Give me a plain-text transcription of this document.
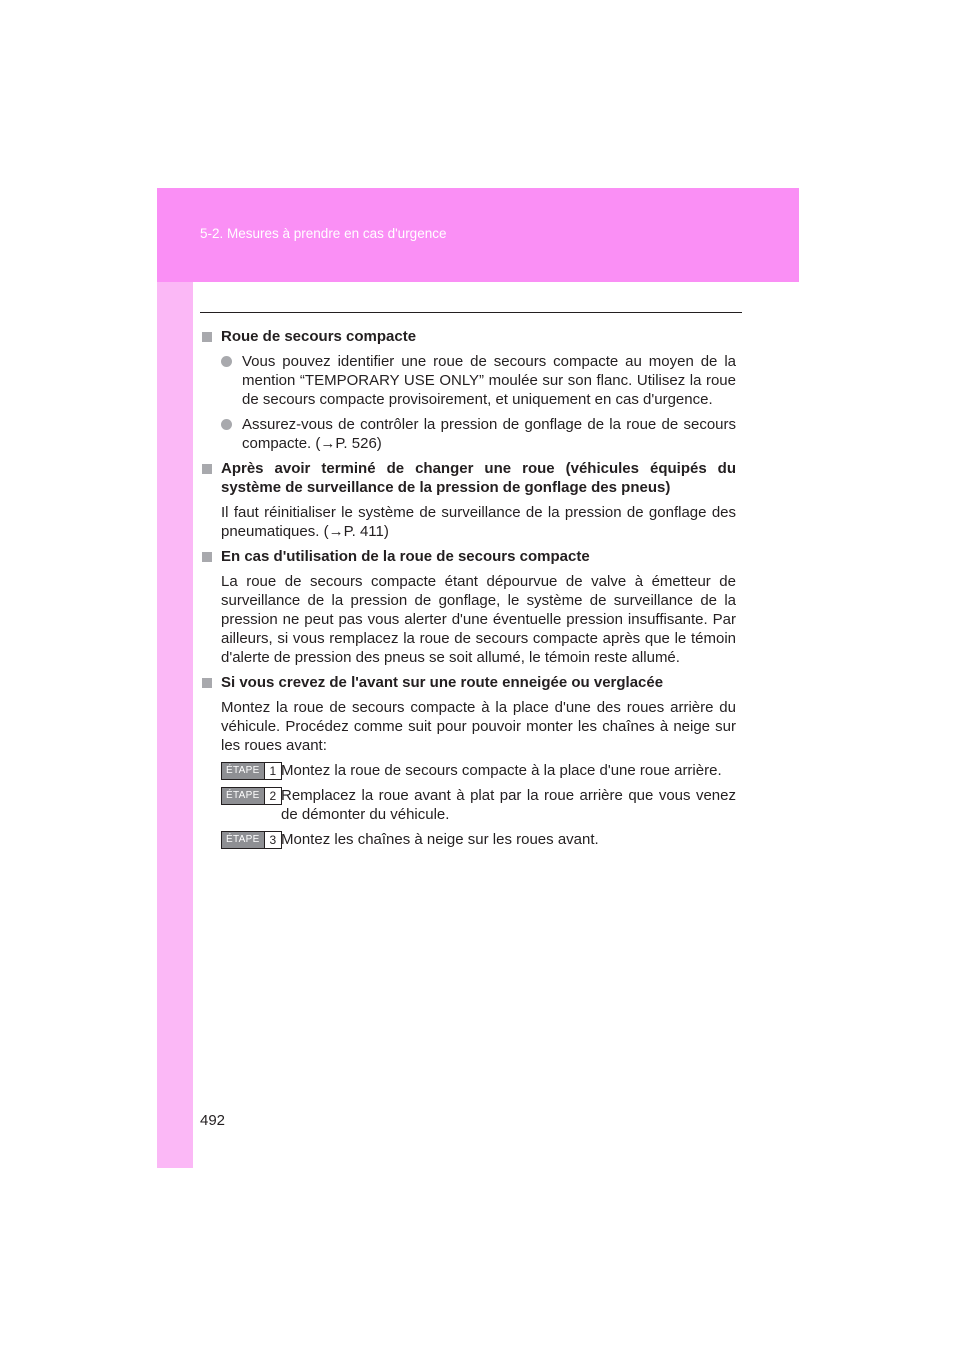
5-2. Mesures à prendre en cas d'urgence
Roue de secours compacte
Vous pouvez identifier une roue de secours compacte au moyen de la mention “TEMPORARY USE ONLY” moulée sur son flanc. Utilisez la roue de secours compacte provisoirement, et uniquement en cas d'urgence.
Assurez-vous de contrôler la pression de gonflage de la roue de secours compacte. (→P. 526)
Après avoir terminé de changer une roue (véhicules équipés du système de surveillance de la pression de gonflage des pneus)
Il faut réinitialiser le système de surveillance de la pression de gonflage des pneumatiques. (→P. 411)
En cas d'utilisation de la roue de secours compacte
La roue de secours compacte étant dépourvue de valve à émetteur de surveillance de la pression de gonflage, le système de surveillance de la pression ne peut pas vous alerter d'une éventuelle pression insuffisante. Par ailleurs, si vous remplacez la roue de secours compacte après que le témoin d'alerte de pression des pneus se soit allumé, le témoin reste allumé.
Si vous crevez de l'avant sur une route enneigée ou verglacée
Montez la roue de secours compacte à la place d'une des roues arrière du véhicule. Procédez comme suit pour pouvoir monter les chaînes à neige sur les roues avant:
ÉTAPE 1 Montez la roue de secours compacte à la place d'une roue arrière.
ÉTAPE 2 Remplacez la roue avant à plat par la roue arrière que vous venez de démonter du véhicule.
ÉTAPE 3 Montez les chaînes à neige sur les roues avant.
492
